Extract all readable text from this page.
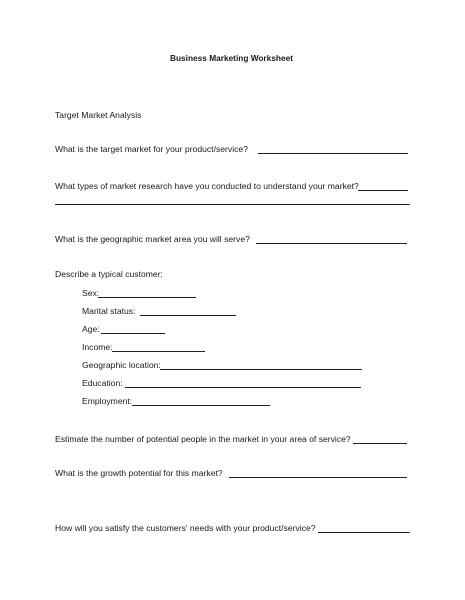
Business Marketing Worksheet
Target Market Analysis
What is the target market for your product/service?
What types of market research have you conducted to understand your market?
What is the geographic market area you will serve?
Describe a typical customer:
Sex:
Marital status:
Age:
Income:
Geographic location:
Education:
Employment:
Estimate the number of potential people in the market in your area of service?
What is the growth potential for this market?
How will you satisfy the customers' needs with your product/service?
